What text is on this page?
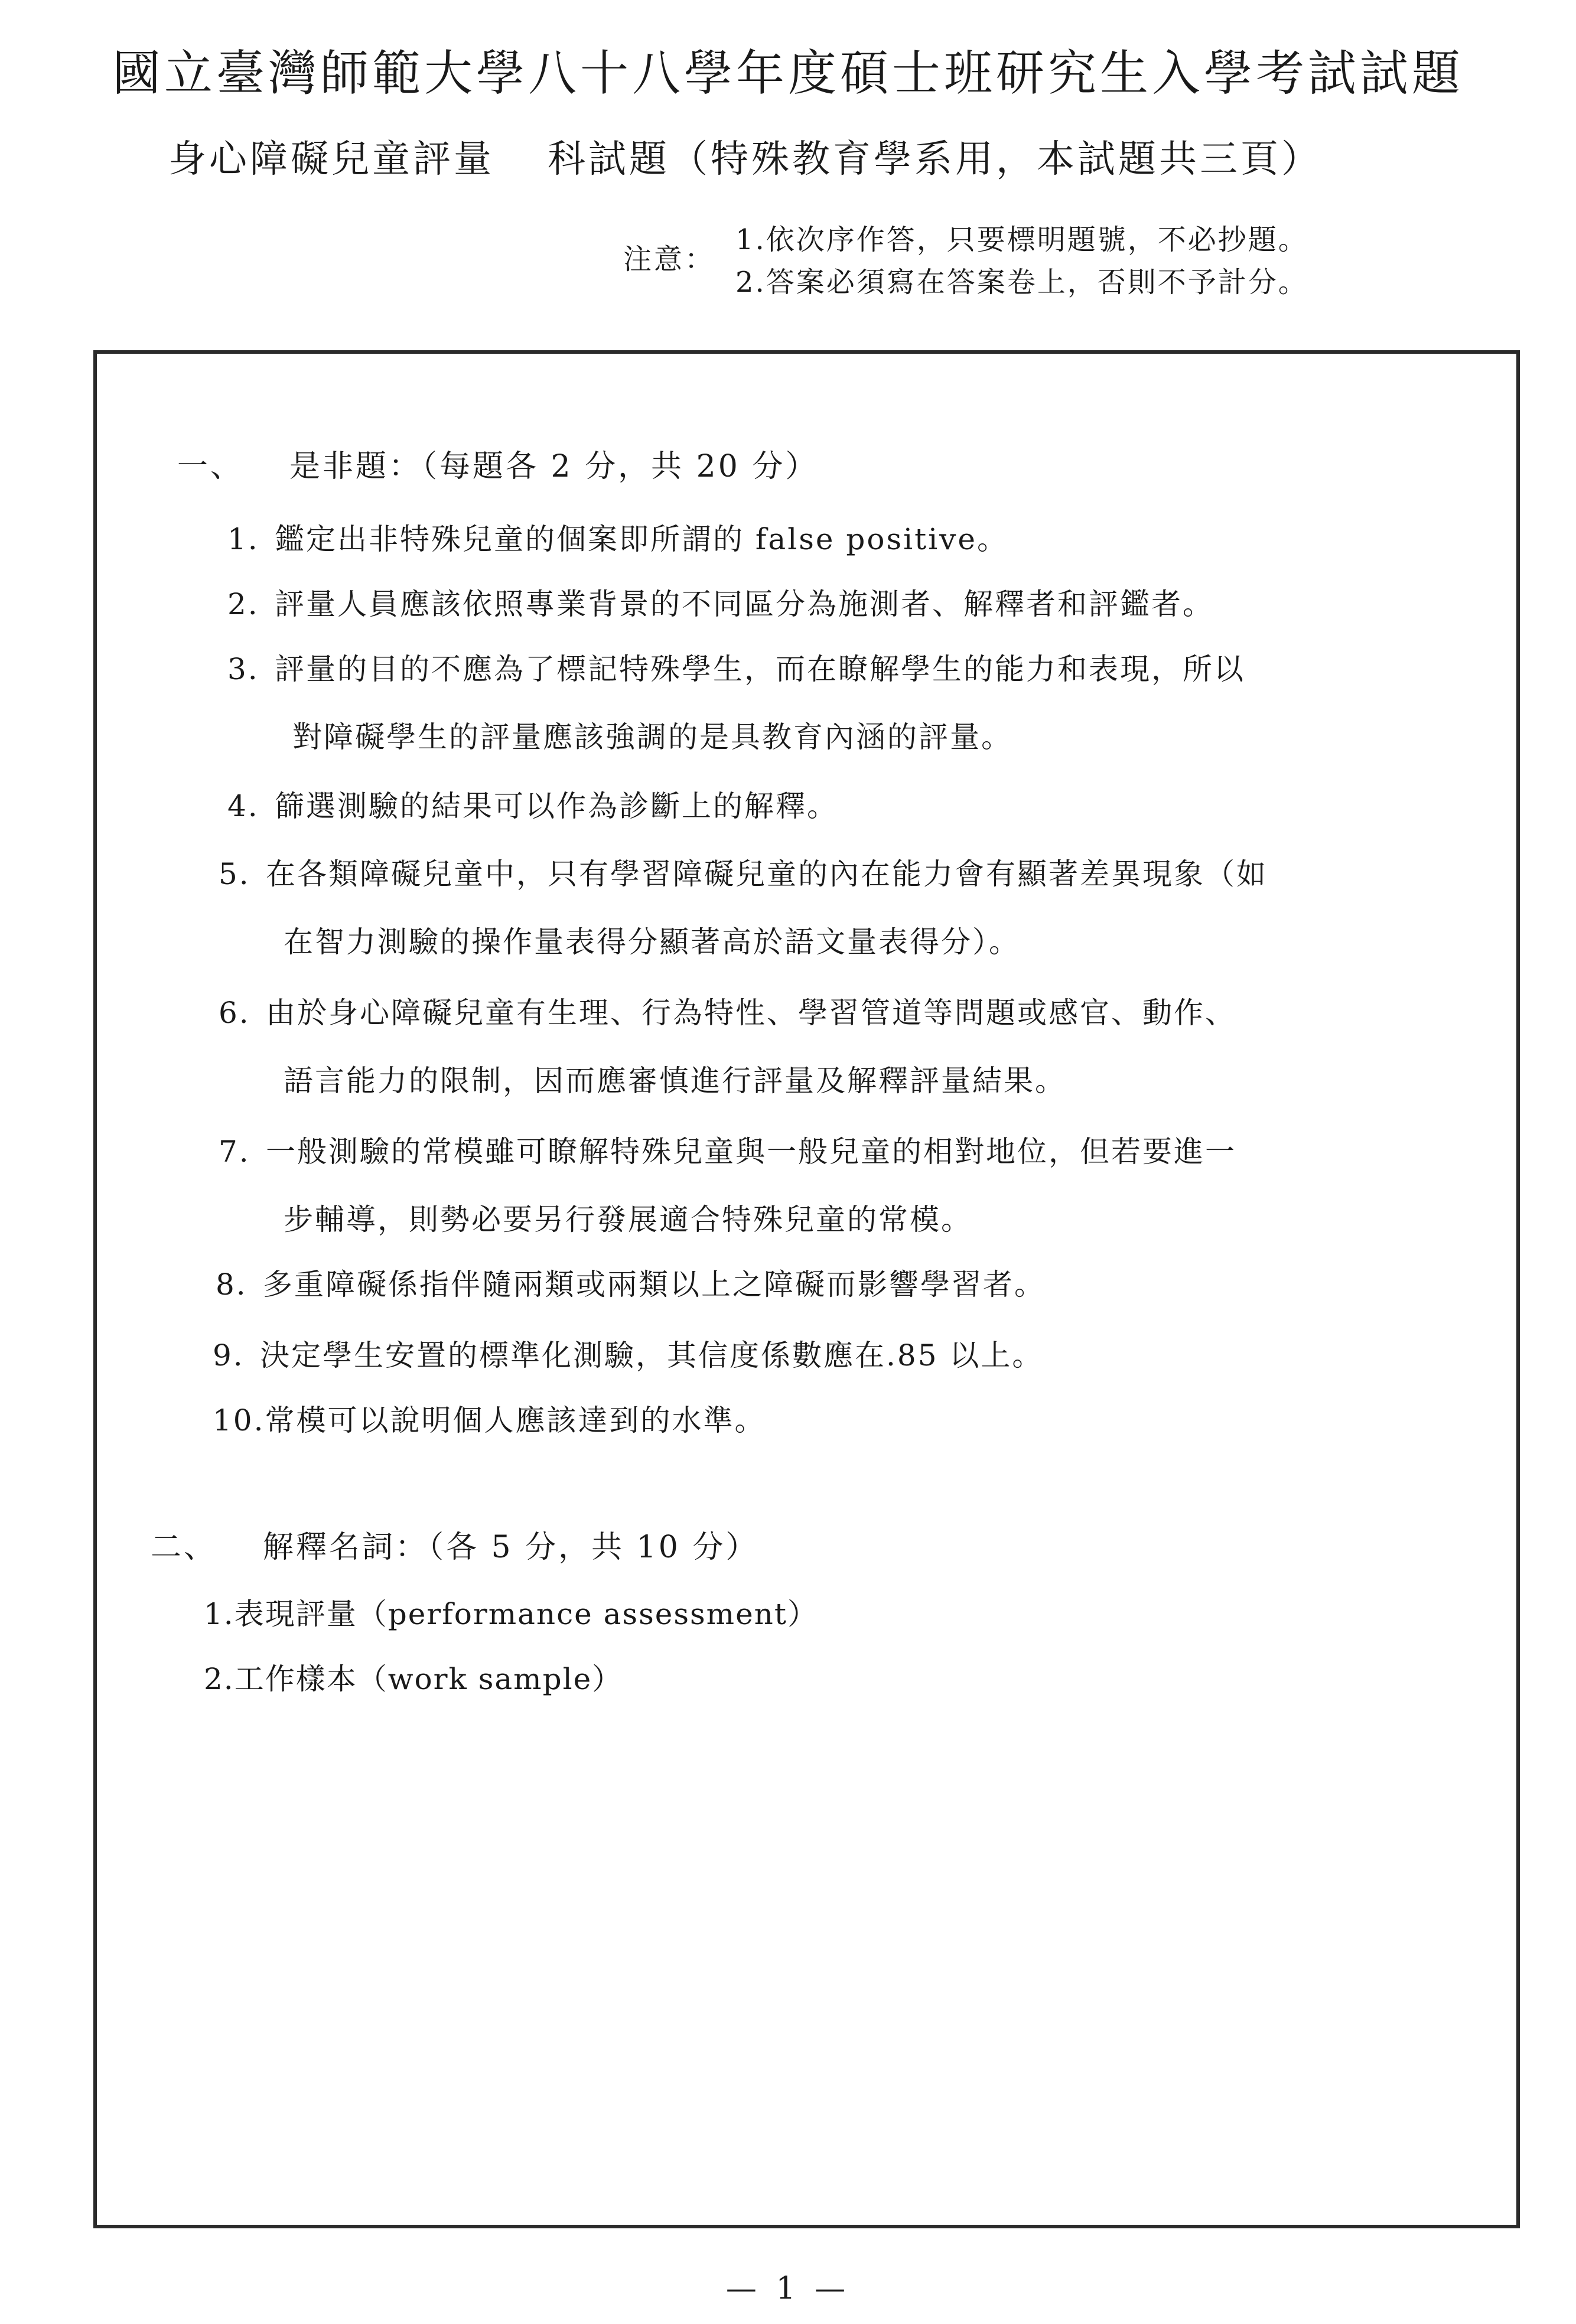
國立臺灣師範大學八十八學年度碩士班研究生入學考試試題
身心障礙兒童評量 科試題（特殊教育學系用，本試題共三頁）
注意：
1.依次序作答，只要標明題號，不必抄題。
2.答案必須寫在答案卷上，否則不予計分。
一、 是非題：（每題各 2 分，共 20 分）
1. 鑑定出非特殊兒童的個案即所謂的 false positive。
2. 評量人員應該依照專業背景的不同區分為施測者、解釋者和評鑑者。
3. 評量的目的不應為了標記特殊學生，而在瞭解學生的能力和表現，所以
對障礙學生的評量應該強調的是具教育內涵的評量。
4. 篩選測驗的結果可以作為診斷上的解釋。
5. 在各類障礙兒童中，只有學習障礙兒童的內在能力會有顯著差異現象（如
在智力測驗的操作量表得分顯著高於語文量表得分）。
6. 由於身心障礙兒童有生理、行為特性、學習管道等問題或感官、動作、
語言能力的限制，因而應審慎進行評量及解釋評量結果。
7. 一般測驗的常模雖可瞭解特殊兒童與一般兒童的相對地位，但若要進一
步輔導，則勢必要另行發展適合特殊兒童的常模。
8. 多重障礙係指伴隨兩類或兩類以上之障礙而影響學習者。
9. 決定學生安置的標準化測驗，其信度係數應在.85 以上。
10.常模可以說明個人應該達到的水準。
二、 解釋名詞：（各 5 分，共 10 分）
1.表現評量（performance assessment）
2.工作樣本（work sample）
— 1 —
